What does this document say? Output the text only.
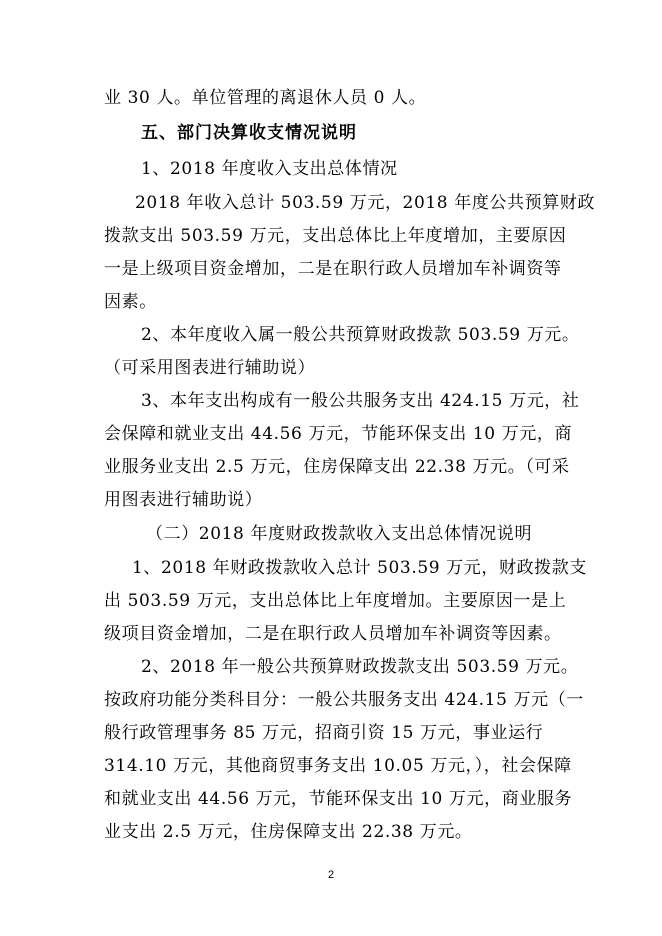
业 30 人。单位管理的离退休人员 0 人。
五、部门决算收支情况说明
1、2018 年度收入支出总体情况
2018 年收入总计 503.59 万元，2018 年度公共预算财政
拨款支出 503.59 万元，支出总体比上年度增加，主要原因
一是上级项目资金增加，二是在职行政人员增加车补调资等
因素。
2、本年度收入属一般公共预算财政拨款 503.59 万元。
（可采用图表进行辅助说）
3、本年支出构成有一般公共服务支出 424.15 万元，社
会保障和就业支出 44.56 万元，节能环保支出 10 万元，商
业服务业支出 2.5 万元，住房保障支出 22.38 万元。（可采
用图表进行辅助说）
（二）2018 年度财政拨款收入支出总体情况说明
1、2018 年财政拨款收入总计 503.59 万元，财政拨款支
出 503.59 万元，支出总体比上年度增加。主要原因一是上
级项目资金增加，二是在职行政人员增加车补调资等因素。
2、2018 年一般公共预算财政拨款支出 503.59 万元。
按政府功能分类科目分：一般公共服务支出 424.15 万元（一
般行政管理事务 85 万元，招商引资 15 万元，事业运行
314.10 万元，其他商贸事务支出 10.05 万元，），社会保障
和就业支出 44.56 万元，节能环保支出 10 万元，商业服务
业支出 2.5 万元，住房保障支出 22.38 万元。
2
